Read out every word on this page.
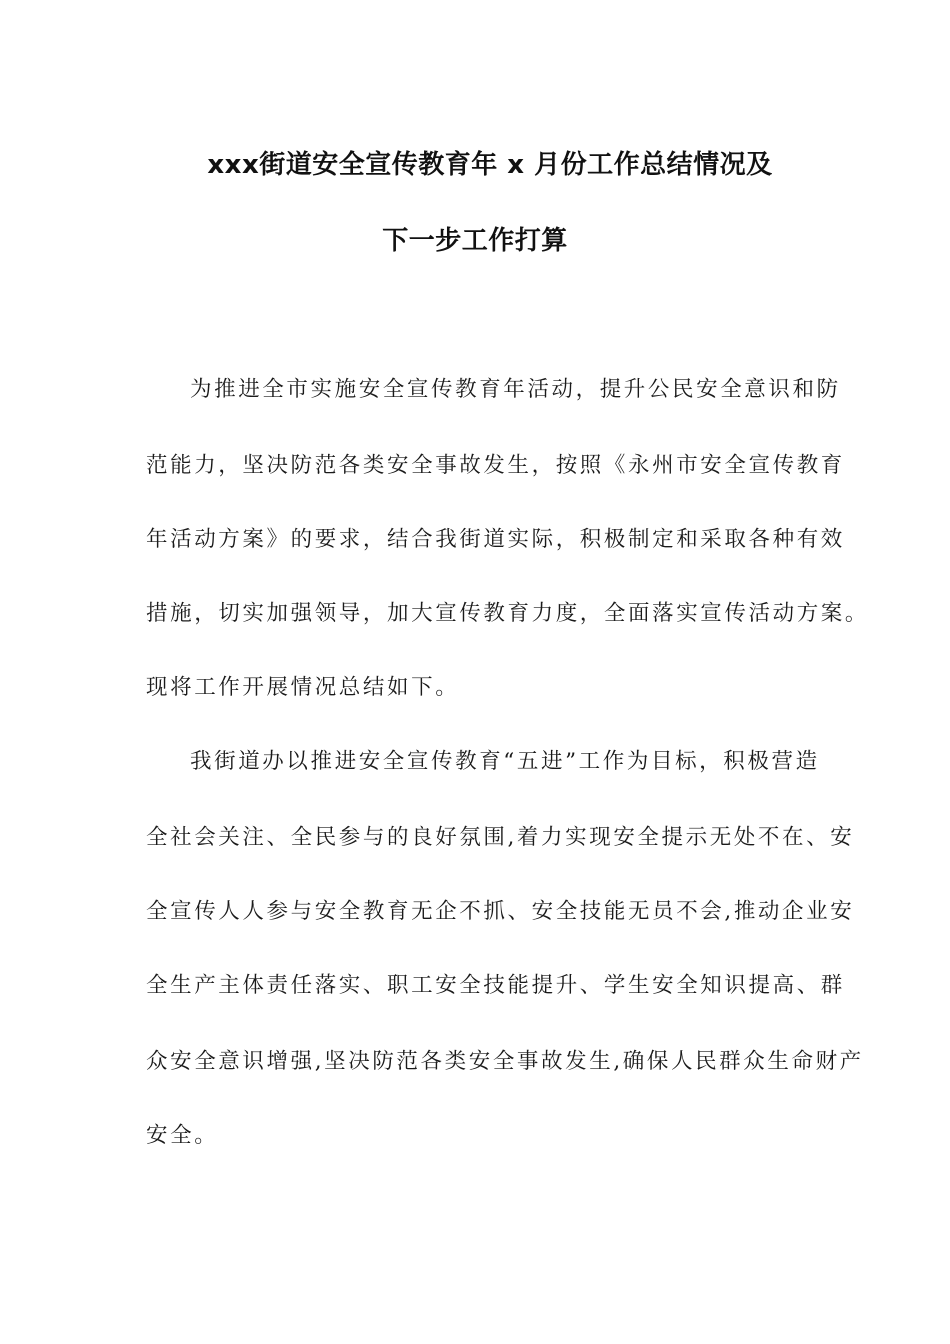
xxx街道安全宣传教育年 x 月份工作总结情况及
下一步工作打算
为推进全市实施安全宣传教育年活动，提升公民安全意识和防
范能力，坚决防范各类安全事故发生，按照《永州市安全宣传教育
年活动方案》的要求，结合我街道实际，积极制定和采取各种有效
措施，切实加强领导，加大宣传教育力度，全面落实宣传活动方案。
现将工作开展情况总结如下。
我街道办以推进安全宣传教育“五进”工作为目标，积极营造
全社会关注、全民参与的良好氛围,着力实现安全提示无处不在、安
全宣传人人参与安全教育无企不抓、安全技能无员不会,推动企业安
全生产主体责任落实、职工安全技能提升、学生安全知识提高、群
众安全意识增强,坚决防范各类安全事故发生,确保人民群众生命财产
安全。
